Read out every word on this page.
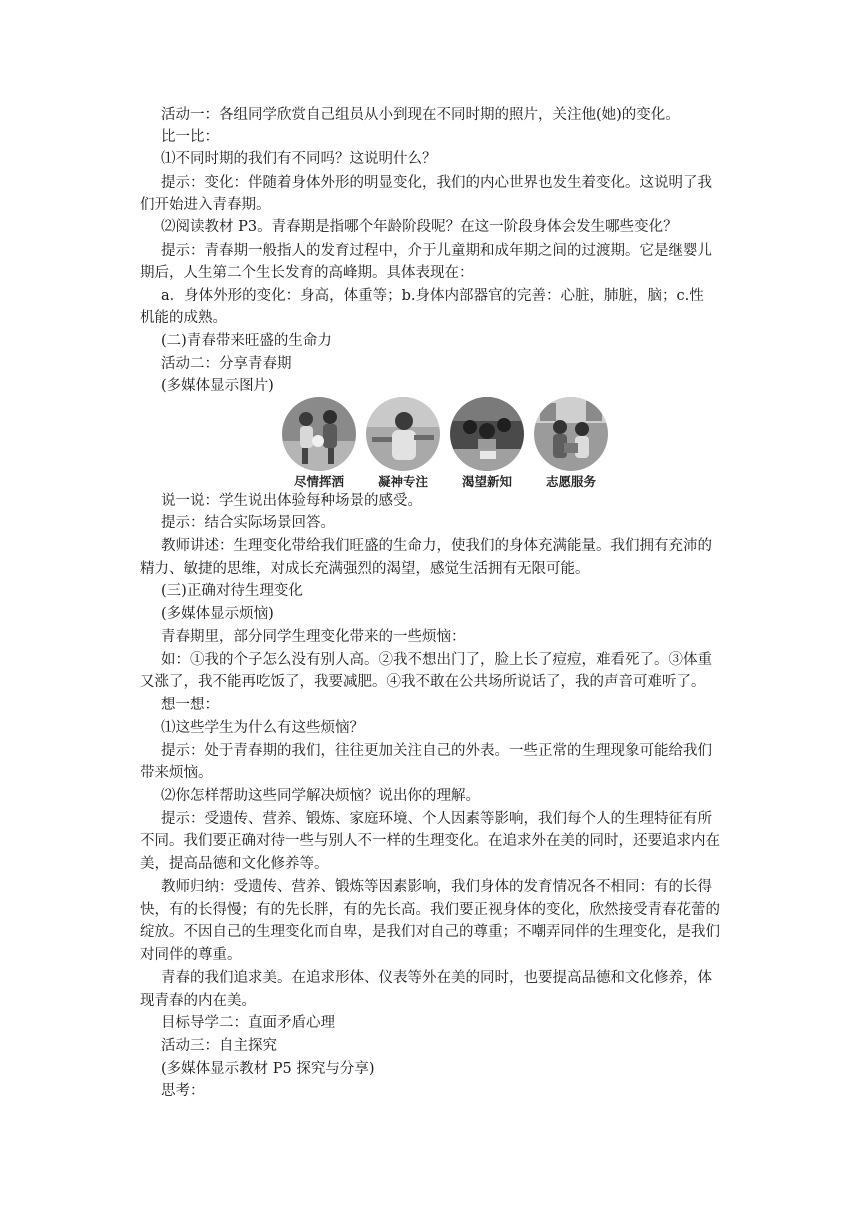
活动一：各组同学欣赏自己组员从小到现在不同时期的照片，关注他(她)的变化。
比一比：
⑴不同时期的我们有不同吗？这说明什么？
提示：变化：伴随着身体外形的明显变化，我们的内心世界也发生着变化。这说明了我
们开始进入青春期。
⑵阅读教材 P3。青春期是指哪个年龄阶段呢？在这一阶段身体会发生哪些变化？
提示：青春期一般指人的发育过程中，介于儿童期和成年期之间的过渡期。它是继婴儿
期后，人生第二个生长发育的高峰期。具体表现在：
a．身体外形的变化：身高，体重等；b.身体内部器官的完善：心脏，肺脏，脑；c.性
机能的成熟。
(二)青春带来旺盛的生命力
活动二：分享青春期
(多媒体显示图片)
尽情挥洒	凝神专注	渴望新知	志愿服务
说一说：学生说出体验每种场景的感受。
提示：结合实际场景回答。
教师讲述：生理变化带给我们旺盛的生命力，使我们的身体充满能量。我们拥有充沛的
精力、敏捷的思维，对成长充满强烈的渴望，感觉生活拥有无限可能。
(三)正确对待生理变化
(多媒体显示烦恼)
青春期里，部分同学生理变化带来的一些烦恼：
如：①我的个子怎么没有别人高。②我不想出门了，脸上长了痘痘，难看死了。③体重
又涨了，我不能再吃饭了，我要减肥。④我不敢在公共场所说话了，我的声音可难听了。
想一想：
⑴这些学生为什么有这些烦恼？
提示：处于青春期的我们，往往更加关注自己的外表。一些正常的生理现象可能给我们
带来烦恼。
⑵你怎样帮助这些同学解决烦恼？说出你的理解。
提示：受遗传、营养、锻炼、家庭环境、个人因素等影响，我们每个人的生理特征有所
不同。我们要正确对待一些与别人不一样的生理变化。在追求外在美的同时，还要追求内在
美，提高品德和文化修养等。
教师归纳：受遗传、营养、锻炼等因素影响，我们身体的发育情况各不相同：有的长得
快，有的长得慢；有的先长胖，有的先长高。我们要正视身体的变化，欣然接受青春花蕾的
绽放。不因自己的生理变化而自卑，是我们对自己的尊重；不嘲弄同伴的生理变化，是我们
对同伴的尊重。
青春的我们追求美。在追求形体、仪表等外在美的同时，也要提高品德和文化修养，体
现青春的内在美。
目标导学二：直面矛盾心理
活动三：自主探究
(多媒体显示教材 P5 探究与分享)
思考：
